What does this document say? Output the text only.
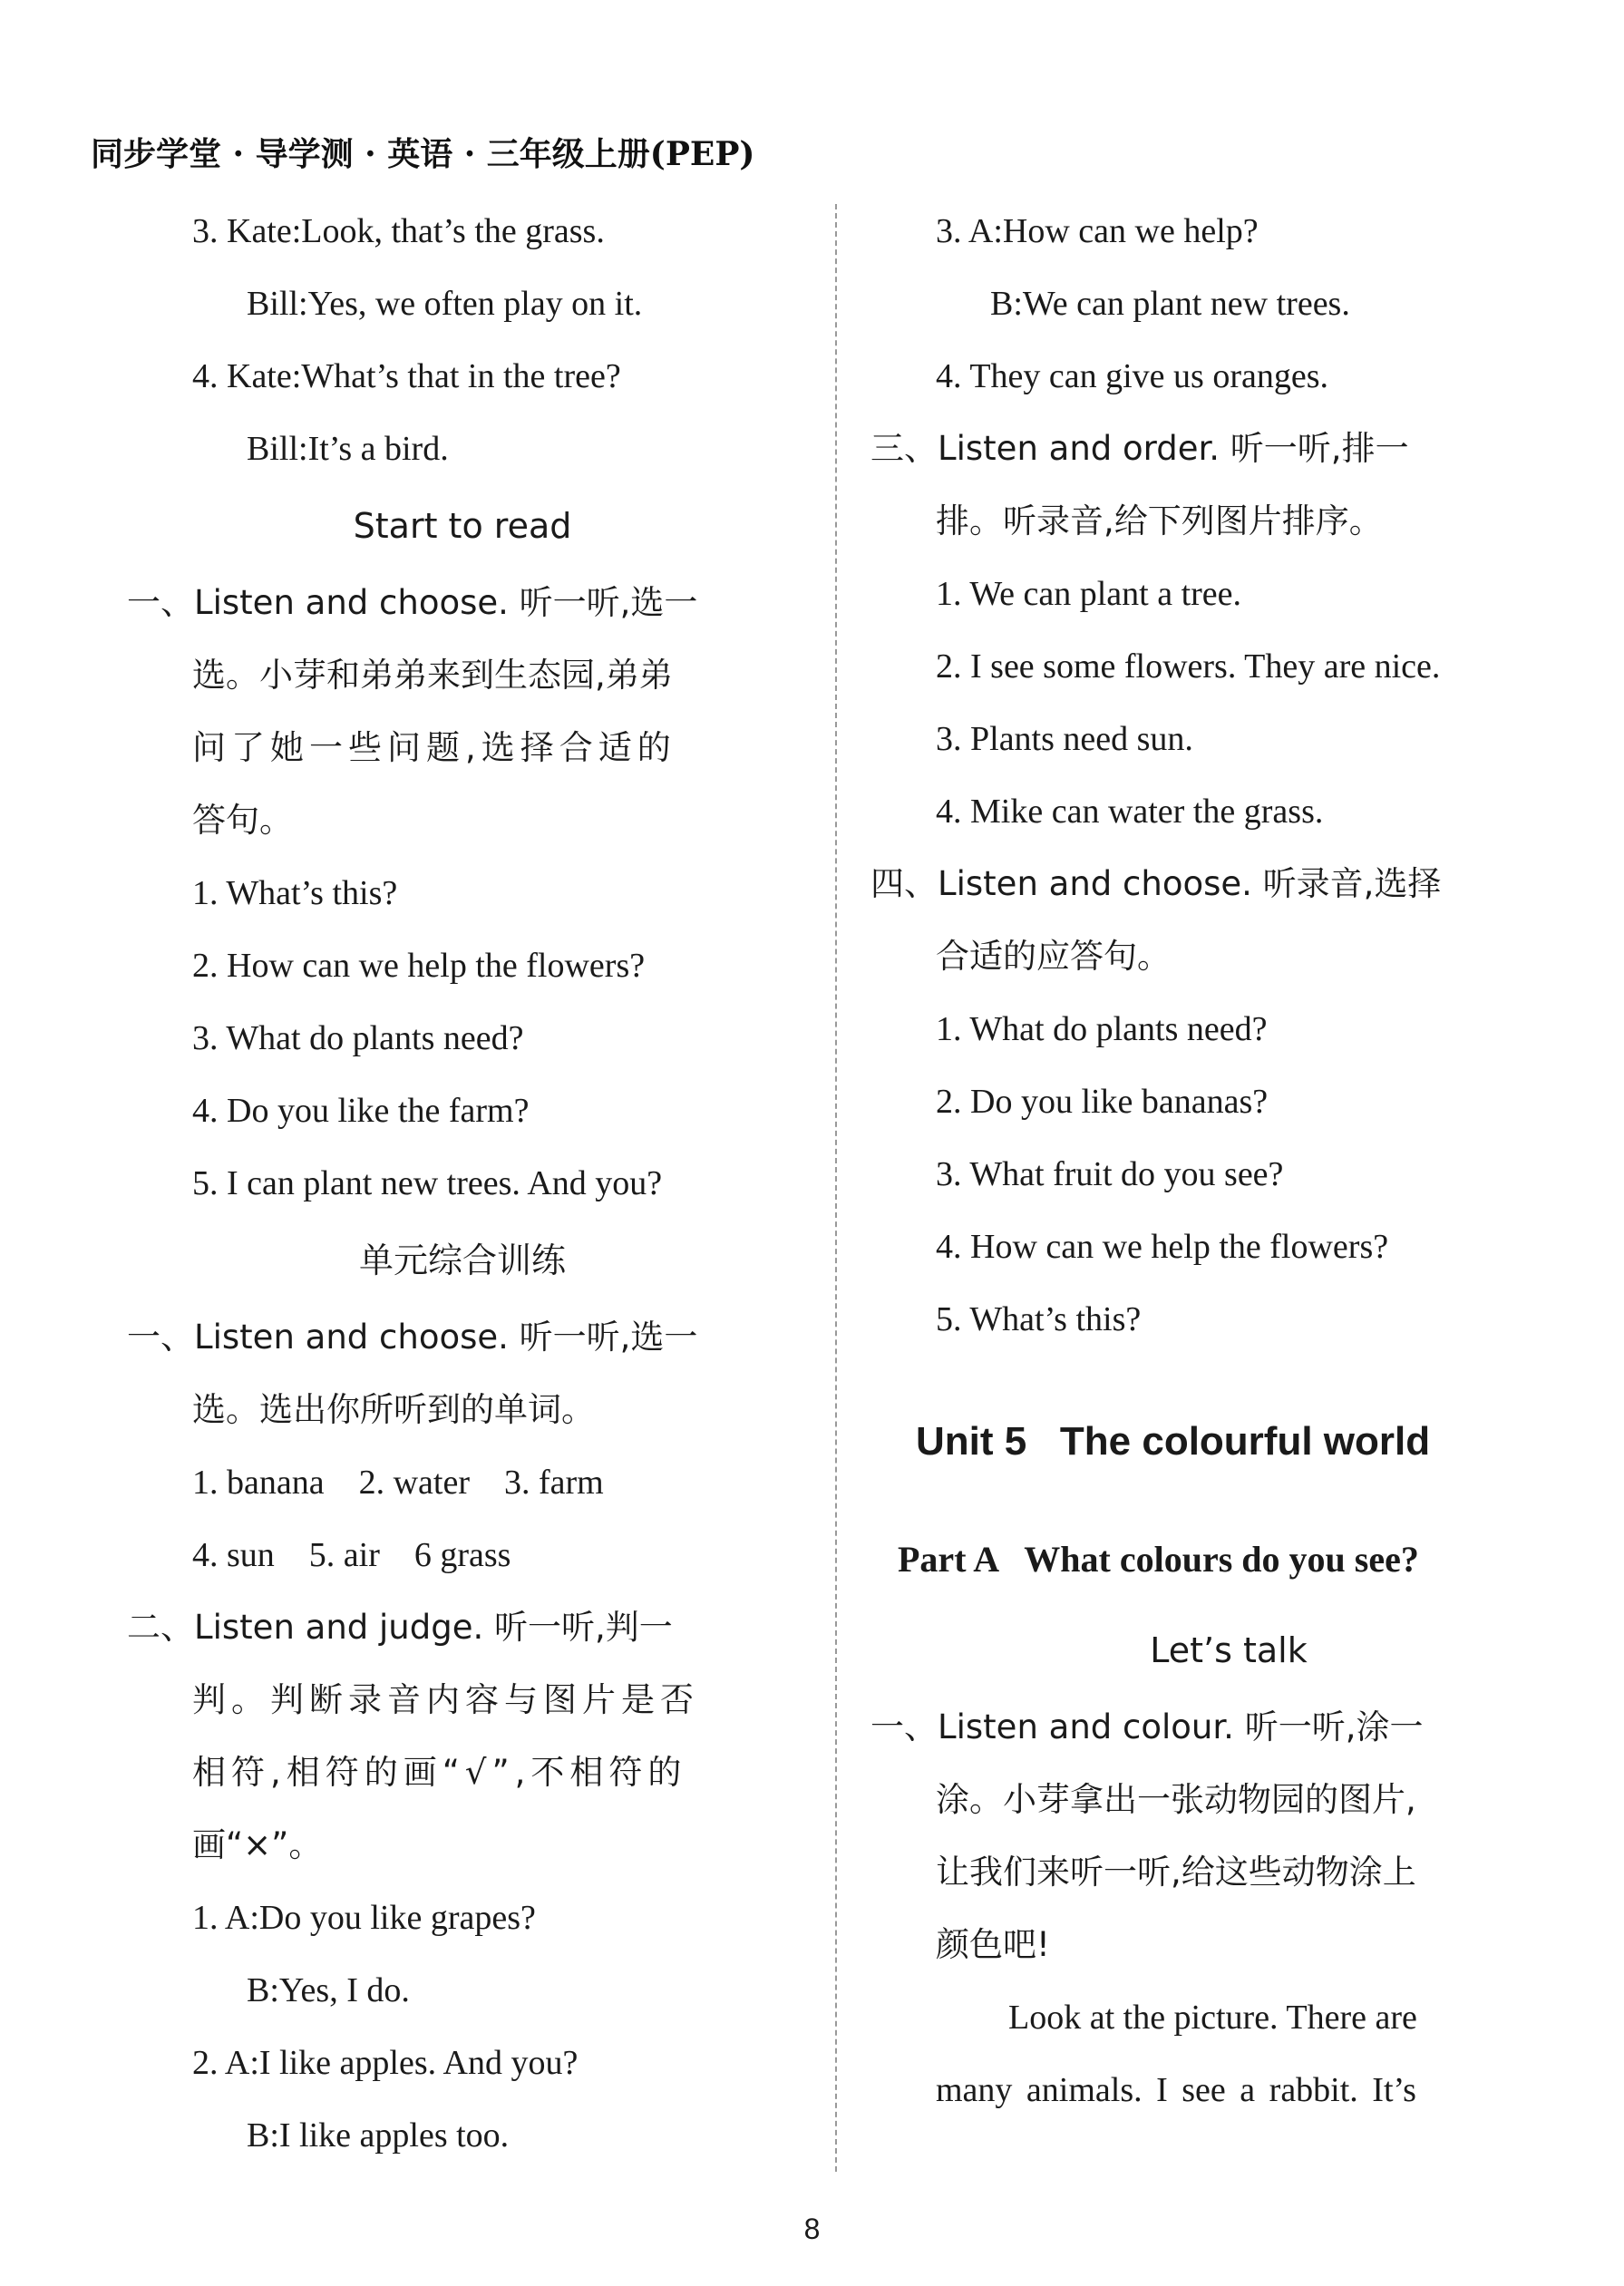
同步学堂 · 导学测 · 英语 · 三年级上册(PEP)
3. Kate:Look, that’s the grass.
Bill:Yes, we often play on it.
4. Kate:What’s that in the tree?
Bill:It’s a bird.
Start to read
一、Listen and choose. 听一听,选一
选。小芽和弟弟来到生态园,弟弟
问了她一些问题,选择合适的
答句。
1. What’s this?
2. How can we help the flowers?
3. What do plants need?
4. Do you like the farm?
5. I can plant new trees. And you?
单元综合训练
一、Listen and choose. 听一听,选一
选。选出你所听到的单词。
1. banana    2. water    3. farm
4. sun    5. air    6 grass
二、Listen and judge. 听一听,判一
判。判断录音内容与图片是否
相符,相符的画“√”,不相符的
画“×”。
1. A:Do you like grapes?
B:Yes, I do.
2. A:I like apples. And you?
B:I like apples too.
3. A:How can we help?
B:We can plant new trees.
4. They can give us oranges.
三、Listen and order. 听一听,排一
排。听录音,给下列图片排序。
1. We can plant a tree.
2. I see some flowers. They are nice.
3. Plants need sun.
4. Mike can water the grass.
四、Listen and choose. 听录音,选择
合适的应答句。
1. What do plants need?
2. Do you like bananas?
3. What fruit do you see?
4. How can we help the flowers?
5. What’s this?
Unit 5   The colourful world
Part A   What colours do you see?
Let’s talk
一、Listen and colour. 听一听,涂一
涂。小芽拿出一张动物园的图片,
让我们来听一听,给这些动物涂上
颜色吧!
Look at the picture. There are
many animals. I see a rabbit. It’s
8
